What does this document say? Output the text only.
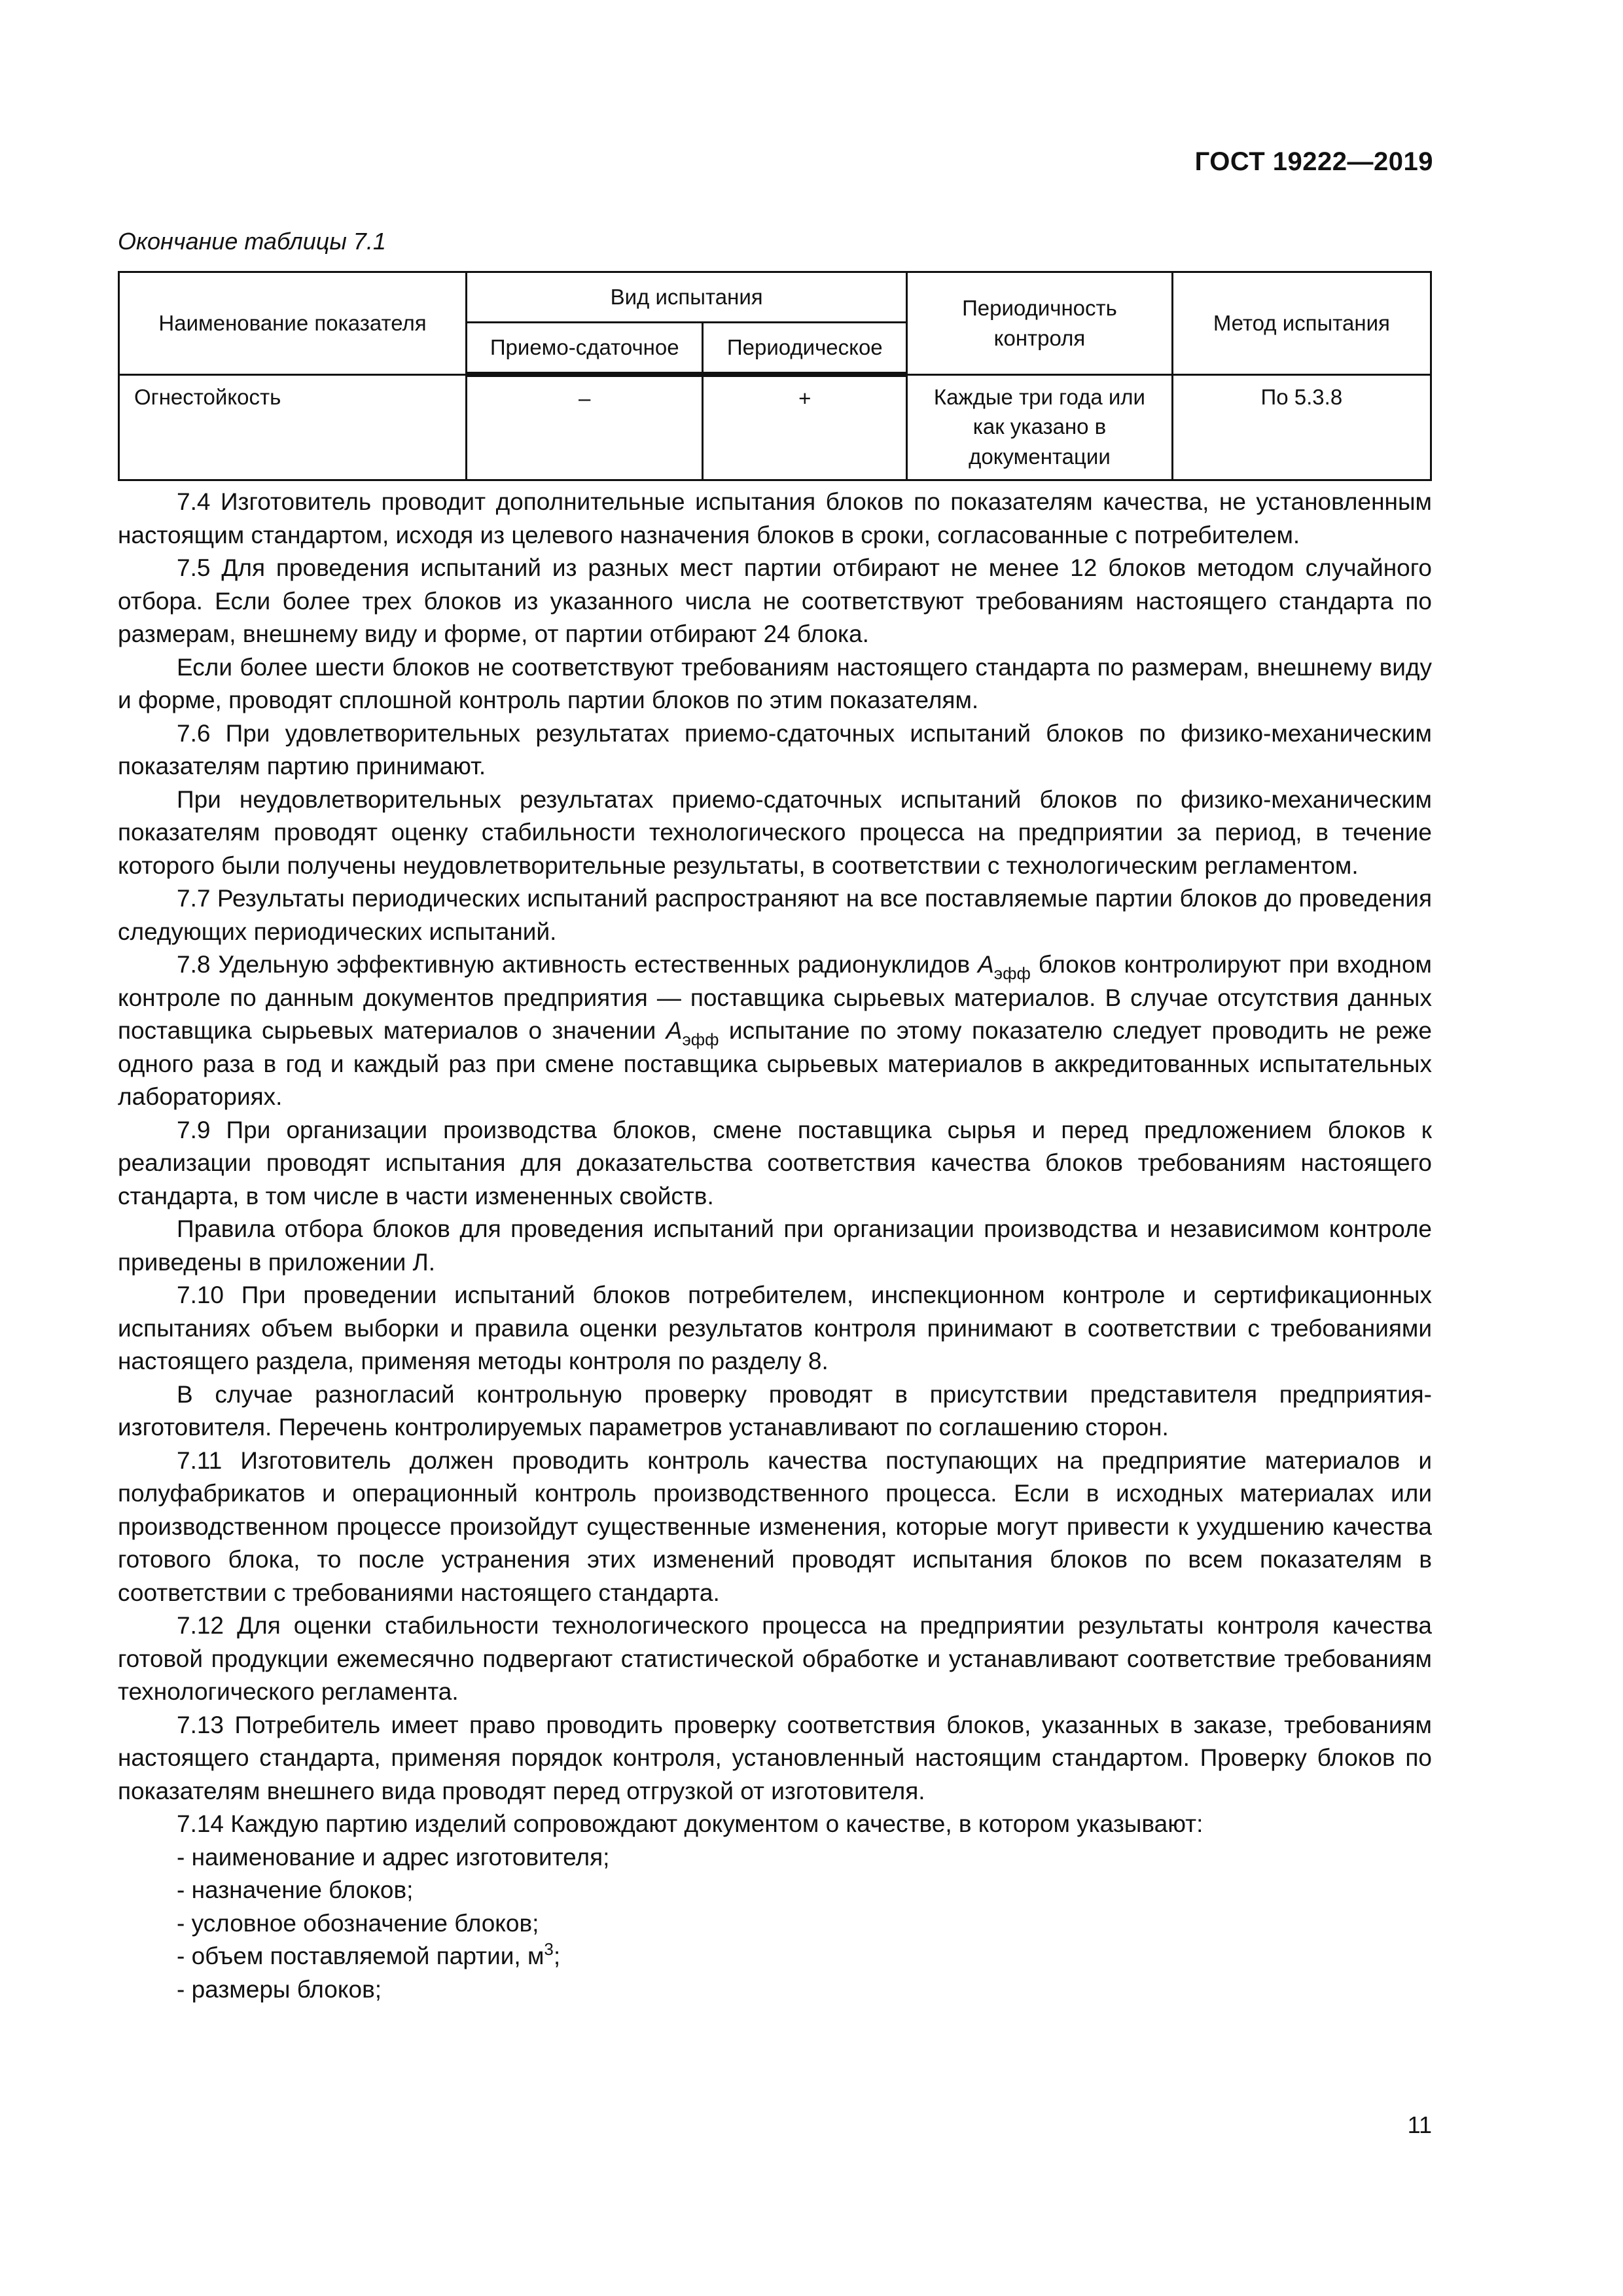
ГОСТ 19222—2019
Окончание таблицы 7.1
Наименование показателя	Вид испытания		Периодичность контроля	Метод испытания
	Приемо-сдаточное	Периодическое		
Огнестойкость	–	+	Каждые три года или как указано в документации	По 5.3.8

7.4 Изготовитель проводит дополнительные испытания блоков по показателям качества, не установленным настоящим стандартом, исходя из целевого назначения блоков в сроки, согласованные с потребителем.

7.5 Для проведения испытаний из разных мест партии отбирают не менее 12 блоков методом случайного отбора. Если более трех блоков из указанного числа не соответствуют требованиям настоящего стандарта по размерам, внешнему виду и форме, от партии отбирают 24 блока.

Если более шести блоков не соответствуют требованиям настоящего стандарта по размерам, внешнему виду и форме, проводят сплошной контроль партии блоков по этим показателям.

7.6 При удовлетворительных результатах приемо-сдаточных испытаний блоков по физико-механическим показателям партию принимают.

При неудовлетворительных результатах приемо-сдаточных испытаний блоков по физико-механическим показателям проводят оценку стабильности технологического процесса на предприятии за период, в течение которого были получены неудовлетворительные результаты, в соответствии с технологическим регламентом.

7.7 Результаты периодических испытаний распространяют на все поставляемые партии блоков до проведения следующих периодических испытаний.

7.8 Удельную эффективную активность естественных радионуклидов $А_{эфф}$ блоков контролируют при входном контроле по данным документов предприятия — поставщика сырьевых материалов. В случае отсутствия данных поставщика сырьевых материалов о значении $А_{эфф}$ испытание по этому показателю следует проводить не реже одного раза в год и каждый раз при смене поставщика сырьевых материалов в аккредитованных испытательных лабораториях.

7.9 При организации производства блоков, смене поставщика сырья и перед предложением блоков к реализации проводят испытания для доказательства соответствия качества блоков требованиям настоящего стандарта, в том числе в части измененных свойств.

Правила отбора блоков для проведения испытаний при организации производства и независимом контроле приведены в приложении Л.

7.10 При проведении испытаний блоков потребителем, инспекционном контроле и сертификационных испытаниях объем выборки и правила оценки результатов контроля принимают в соответствии с требованиями настоящего раздела, применяя методы контроля по разделу 8.

В случае разногласий контрольную проверку проводят в присутствии представителя предприятия-изготовителя. Перечень контролируемых параметров устанавливают по соглашению сторон.

7.11 Изготовитель должен проводить контроль качества поступающих на предприятие материалов и полуфабрикатов и операционный контроль производственного процесса. Если в исходных материалах или производственном процессе произойдут существенные изменения, которые могут привести к ухудшению качества готового блока, то после устранения этих изменений проводят испытания блоков по всем показателям в соответствии с требованиями настоящего стандарта.

7.12 Для оценки стабильности технологического процесса на предприятии результаты контроля качества готовой продукции ежемесячно подвергают статистической обработке и устанавливают соответствие требованиям технологического регламента.

7.13 Потребитель имеет право проводить проверку соответствия блоков, указанных в заказе, требованиям настоящего стандарта, применяя порядок контроля, установленный настоящим стандартом. Проверку блоков по показателям внешнего вида проводят перед отгрузкой от изготовителя.

7.14 Каждую партию изделий сопровождают документом о качестве, в котором указывают:

- наименование и адрес изготовителя;

- назначение блоков;

- условное обозначение блоков;

- объем поставляемой партии, $м^3$;

- размеры блоков;

11
